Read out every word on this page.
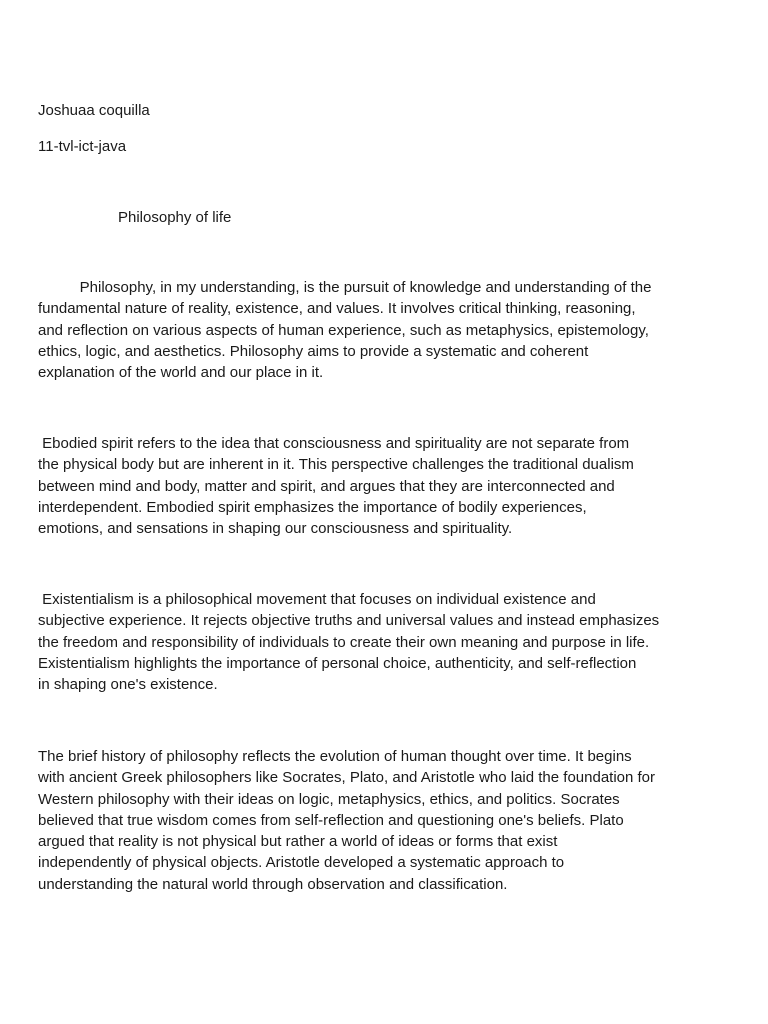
Joshuaa coquilla

11-tvl-ict-java

Philosophy of life

Philosophy, in my understanding, is the pursuit of knowledge and understanding of the
fundamental nature of reality, existence, and values. It involves critical thinking, reasoning,
and reflection on various aspects of human experience, such as metaphysics, epistemology,
ethics, logic, and aesthetics. Philosophy aims to provide a systematic and coherent
explanation of the world and our place in it.
Ebodied spirit refers to the idea that consciousness and spirituality are not separate from
the physical body but are inherent in it. This perspective challenges the traditional dualism
between mind and body, matter and spirit, and argues that they are interconnected and
interdependent. Embodied spirit emphasizes the importance of bodily experiences,
emotions, and sensations in shaping our consciousness and spirituality.
Existentialism is a philosophical movement that focuses on individual existence and
subjective experience. It rejects objective truths and universal values and instead emphasizes
the freedom and responsibility of individuals to create their own meaning and purpose in life.
Existentialism highlights the importance of personal choice, authenticity, and self-reflection
in shaping one's existence.
The brief history of philosophy reflects the evolution of human thought over time. It begins
with ancient Greek philosophers like Socrates, Plato, and Aristotle who laid the foundation for
Western philosophy with their ideas on logic, metaphysics, ethics, and politics. Socrates
believed that true wisdom comes from self-reflection and questioning one's beliefs. Plato
argued that reality is not physical but rather a world of ideas or forms that exist
independently of physical objects. Aristotle developed a systematic approach to
understanding the natural world through observation and classification.
